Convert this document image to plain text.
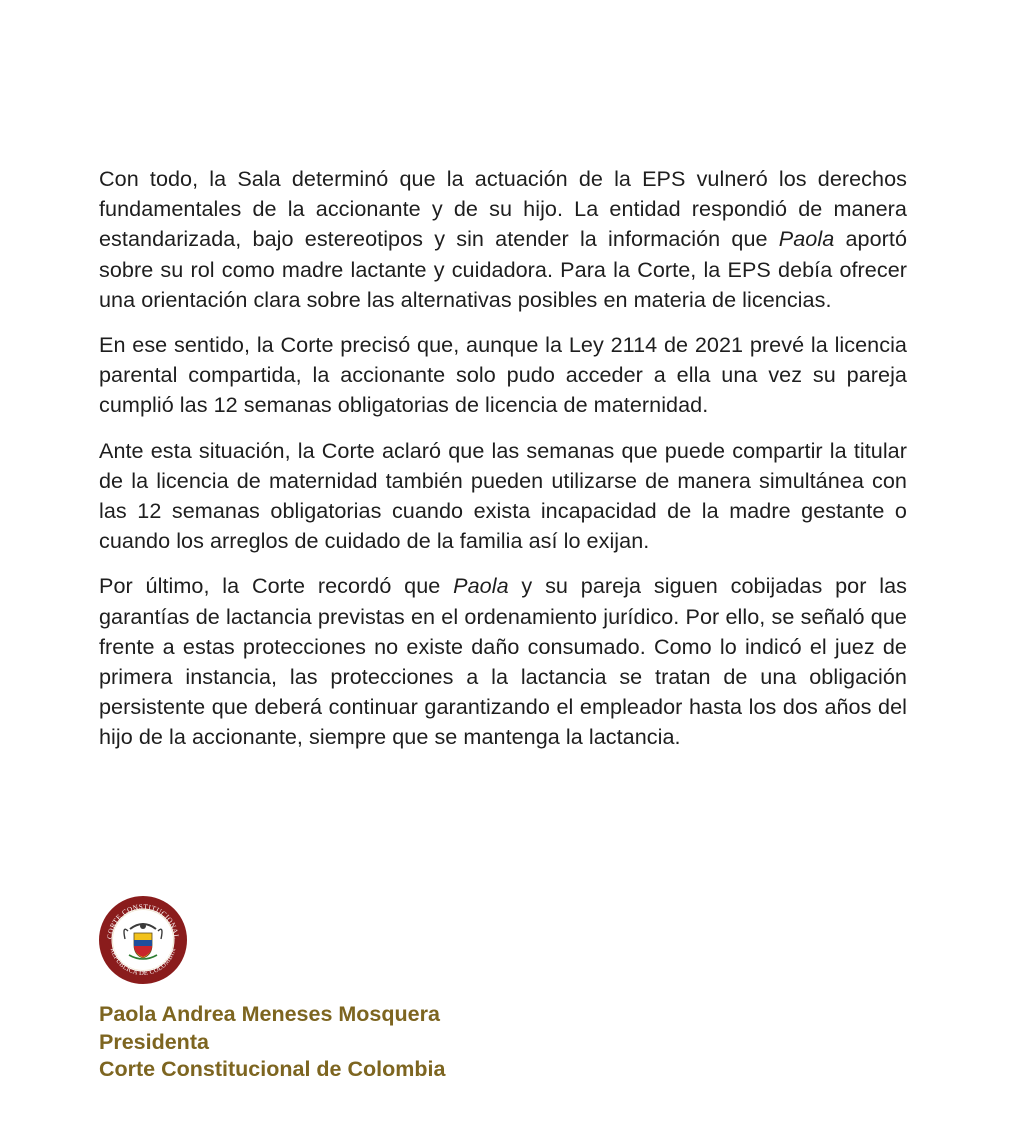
Con todo, la Sala determinó que la actuación de la EPS vulneró los derechos fundamentales de la accionante y de su hijo. La entidad respondió de manera estandarizada, bajo estereotipos y sin atender la información que Paola aportó sobre su rol como madre lactante y cuidadora. Para la Corte, la EPS debía ofrecer una orientación clara sobre las alternativas posibles en materia de licencias.

En ese sentido, la Corte precisó que, aunque la Ley 2114 de 2021 prevé la licencia parental compartida, la accionante solo pudo acceder a ella una vez su pareja cumplió las 12 semanas obligatorias de licencia de maternidad.

Ante esta situación, la Corte aclaró que las semanas que puede compartir la titular de la licencia de maternidad también pueden utilizarse de manera simultánea con las 12 semanas obligatorias cuando exista incapacidad de la madre gestante o cuando los arreglos de cuidado de la familia así lo exijan.

Por último, la Corte recordó que Paola y su pareja siguen cobijadas por las garantías de lactancia previstas en el ordenamiento jurídico. Por ello, se señaló que frente a estas protecciones no existe daño consumado. Como lo indicó el juez de primera instancia, las protecciones a la lactancia se tratan de una obligación persistente que deberá continuar garantizando el empleador hasta los dos años del hijo de la accionante, siempre que se mantenga la lactancia.

CORTE CONSTITUCIONAL
REPÚBLICA DE COLOMBIA
Paola Andrea Meneses Mosquera
Presidenta
Corte Constitucional de Colombia
